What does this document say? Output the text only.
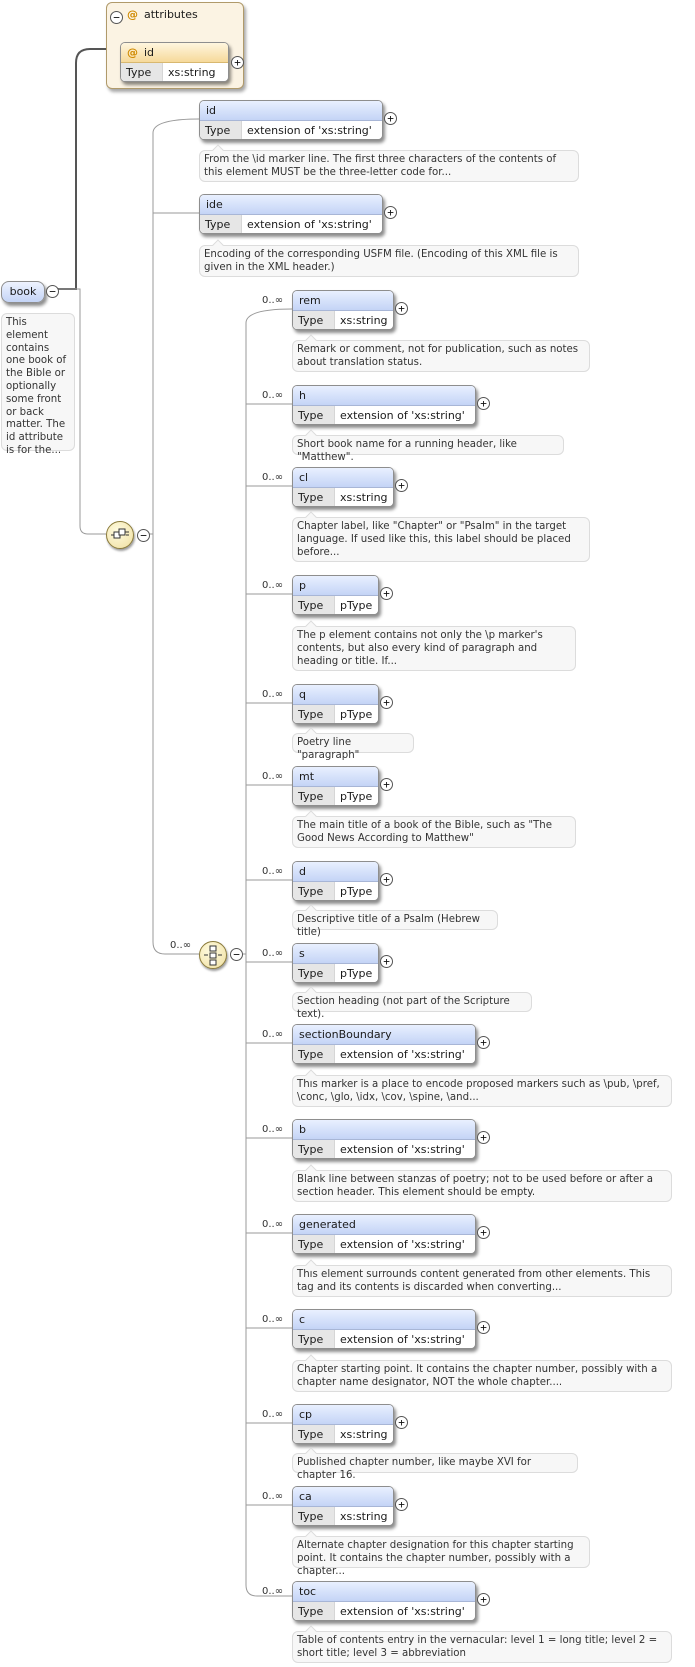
book	−
This element contains one book of the Bible or optionally some front or back matter. The id attribute is for the...
− @ attributes
@ id
Type xs:string
+
−
id
Type extension of 'xs:string'
+
From the \id marker line. The first three characters of the contents of this element MUST be the three-letter code for...
ide
Type extension of 'xs:string'
+
Encoding of the corresponding USFM file. (Encoding of this XML file is given in the XML header.)
0..∞
−
0..∞	rem
Type xs:string
+
Remark or comment, not for publication, such as notes about translation status.
0..∞	h
Type extension of 'xs:string'
+
Short book name for a running header, like "Matthew".
0..∞	cl
Type xs:string
+
Chapter label, like "Chapter" or "Psalm" in the target language. If used like this, this label should be placed before...
0..∞	p
Type pType
+
The p element contains not only the \p marker's contents, but also every kind of paragraph and heading or title. If...
0..∞	q
Type pType
+
Poetry line "paragraph"
0..∞	mt
Type pType
+
The main title of a book of the Bible, such as "The Good News According to Matthew"
0..∞	d
Type pType
+
Descriptive title of a Psalm (Hebrew title)
0..∞	s
Type pType
+
Section heading (not part of the Scripture text).
0..∞	sectionBoundary
Type extension of 'xs:string'
+
This marker is a place to encode proposed markers such as \pub, \pref, \conc, \glo, \idx, \cov, \spine, \and...
0..∞	b
Type extension of 'xs:string'
+
Blank line between stanzas of poetry; not to be used before or after a section header. This element should be empty.
0..∞	generated
Type extension of 'xs:string'
+
This element surrounds content generated from other elements. This tag and its contents is discarded when converting...
0..∞	c
Type extension of 'xs:string'
+
Chapter starting point. It contains the chapter number, possibly with a chapter name designator, NOT the whole chapter....
0..∞	cp
Type xs:string
+
Published chapter number, like maybe XVI for chapter 16.
0..∞	ca
Type xs:string
+
Alternate chapter designation for this chapter starting point. It contains the chapter number, possibly with a chapter...
0..∞	toc
Type extension of 'xs:string'
+
Table of contents entry in the vernacular: level 1 = long title; level 2 = short title; level 3 = abbreviation
